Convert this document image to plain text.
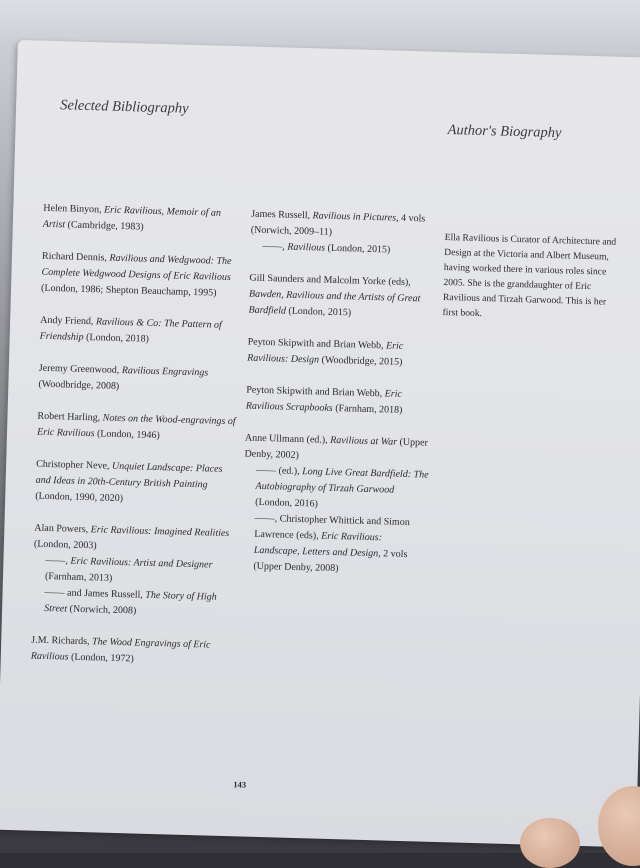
Selected Bibliography
Author's Biography
Helen Binyon, Eric Ravilious, Memoir of an Artist (Cambridge, 1983)
Richard Dennis, Ravilious and Wedgwood: The Complete Wedgwood Designs of Eric Ravilious (London, 1986; Shepton Beauchamp, 1995)
Andy Friend, Ravilious & Co: The Pattern of Friendship (London, 2018)
Jeremy Greenwood, Ravilious Engravings (Woodbridge, 2008)
Robert Harling, Notes on the Wood-engravings of Eric Ravilious (London, 1946)
Christopher Neve, Unquiet Landscape: Places and Ideas in 20th-Century British Painting (London, 1990, 2020)
Alan Powers, Eric Ravilious: Imagined Realities (London, 2003)
——, Eric Ravilious: Artist and Designer (Farnham, 2013)
—— and James Russell, The Story of High Street (Norwich, 2008)
J.M. Richards, The Wood Engravings of Eric Ravilious (London, 1972)
James Russell, Ravilious in Pictures, 4 vols (Norwich, 2009–11)
——, Ravilious (London, 2015)
Gill Saunders and Malcolm Yorke (eds), Bawden, Ravilious and the Artists of Great Bardfield (London, 2015)
Peyton Skipwith and Brian Webb, Eric Ravilious: Design (Woodbridge, 2015)
Peyton Skipwith and Brian Webb, Eric Ravilious Scrapbooks (Farnham, 2018)
Anne Ullmann (ed.), Ravilious at War (Upper Denby, 2002)
—— (ed.), Long Live Great Bardfield: The Autobiography of Tirzah Garwood (London, 2016)
——, Christopher Whittick and Simon Lawrence (eds), Eric Ravilious: Landscape, Letters and Design, 2 vols (Upper Denby, 2008)
Ella Ravilious is Curator of Architecture and Design at the Victoria and Albert Museum, having worked there in various roles since 2005. She is the granddaughter of Eric Ravilious and Tirzah Garwood. This is her first book.
143
